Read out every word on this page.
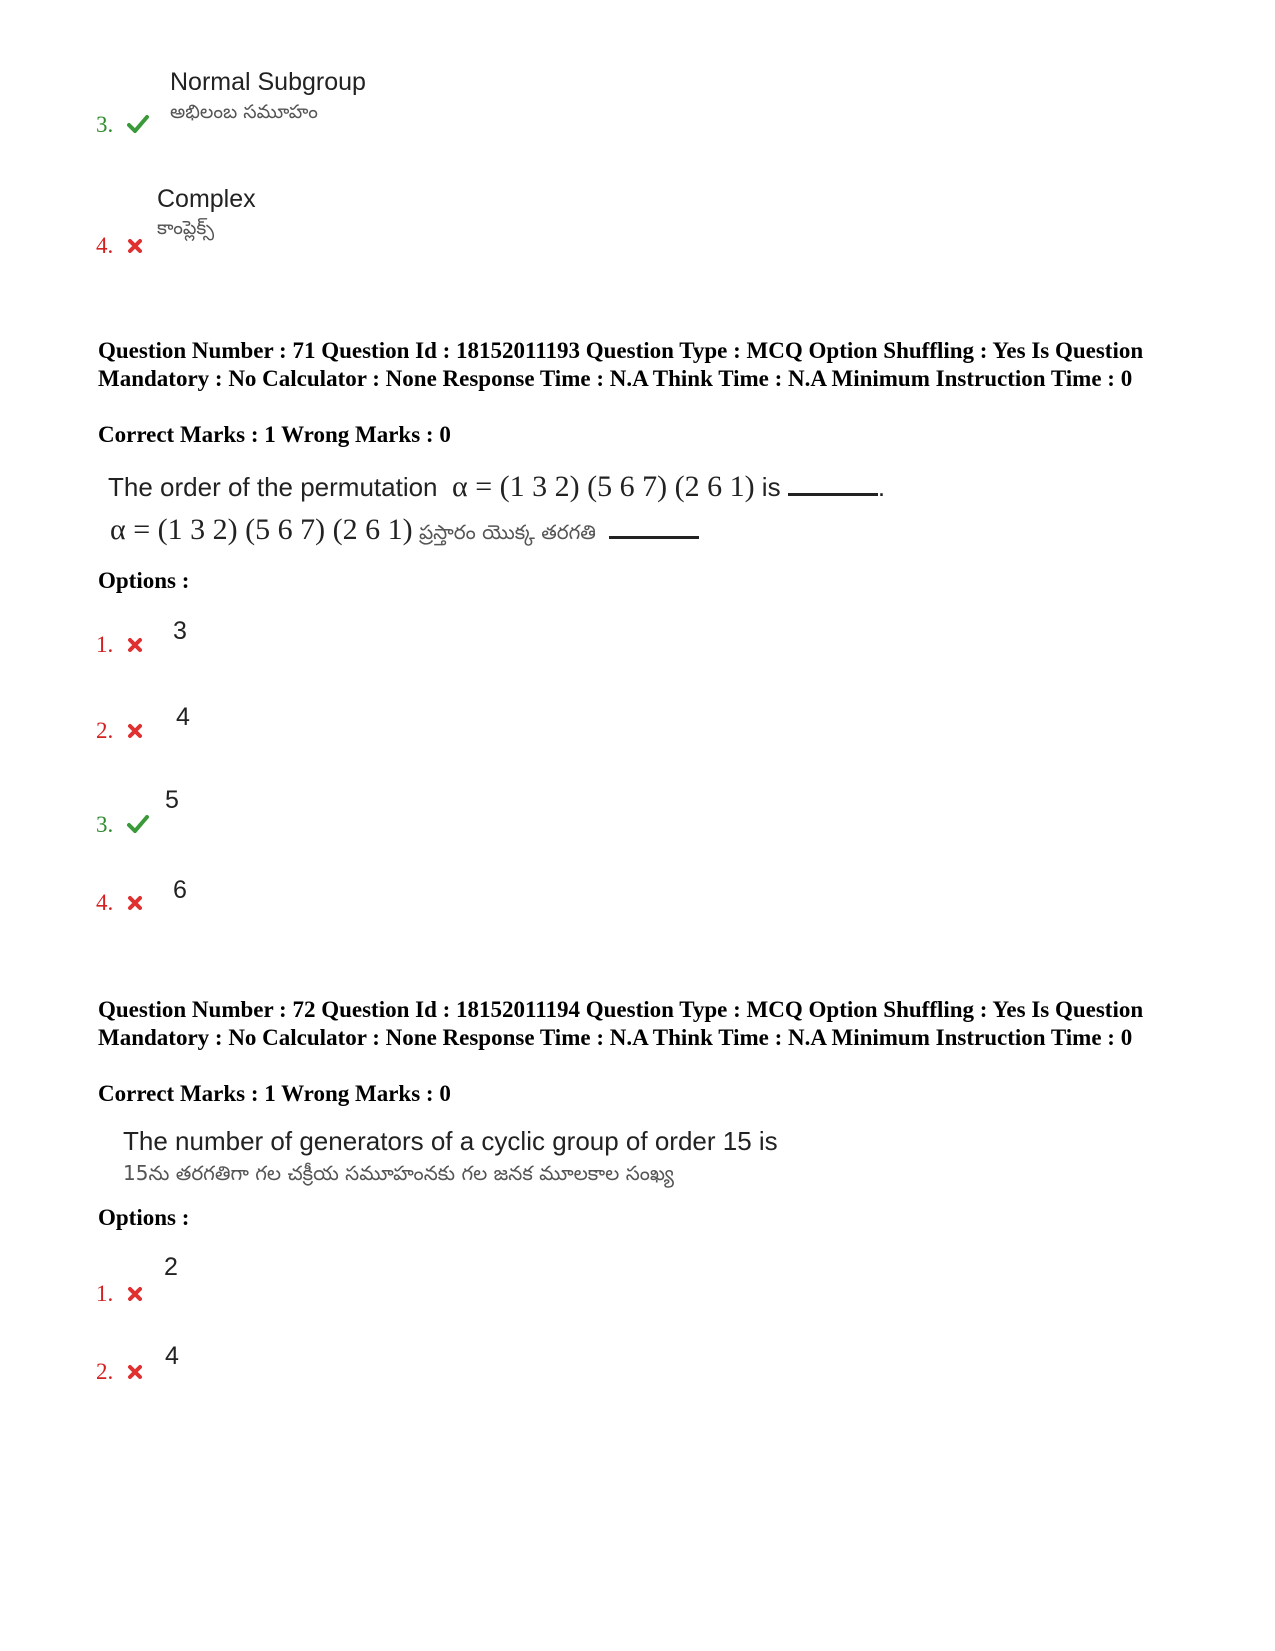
3.
Normal Subgroup
అభిలంబ సమూహం
4.
Complex
కాంప్లెక్స్
Question Number : 71 Question Id : 18152011193 Question Type : MCQ Option Shuffling : Yes Is Question Mandatory : No Calculator : None Response Time : N.A Think Time : N.A Minimum Instruction Time : 0
Correct Marks : 1 Wrong Marks : 0
The order of the permutation α = (1 3 2) (5 6 7) (2 6 1) is	.
α = (1 3 2) (5 6 7) (2 6 1) ప్రస్తారం యొక్క తరగతి
Options :
1.	3
2.	4
3.
5
4.	6
Question Number : 72 Question Id : 18152011194 Question Type : MCQ Option Shuffling : Yes Is Question Mandatory : No Calculator : None Response Time : N.A Think Time : N.A Minimum Instruction Time : 0
Correct Marks : 1 Wrong Marks : 0
The number of generators of a cyclic group of order 15 is
15ను తరగతిగా గల చక్రీయ సమూహంనకు గల జనక మూలకాల సంఖ్య
Options :
1.
2
2.
4
